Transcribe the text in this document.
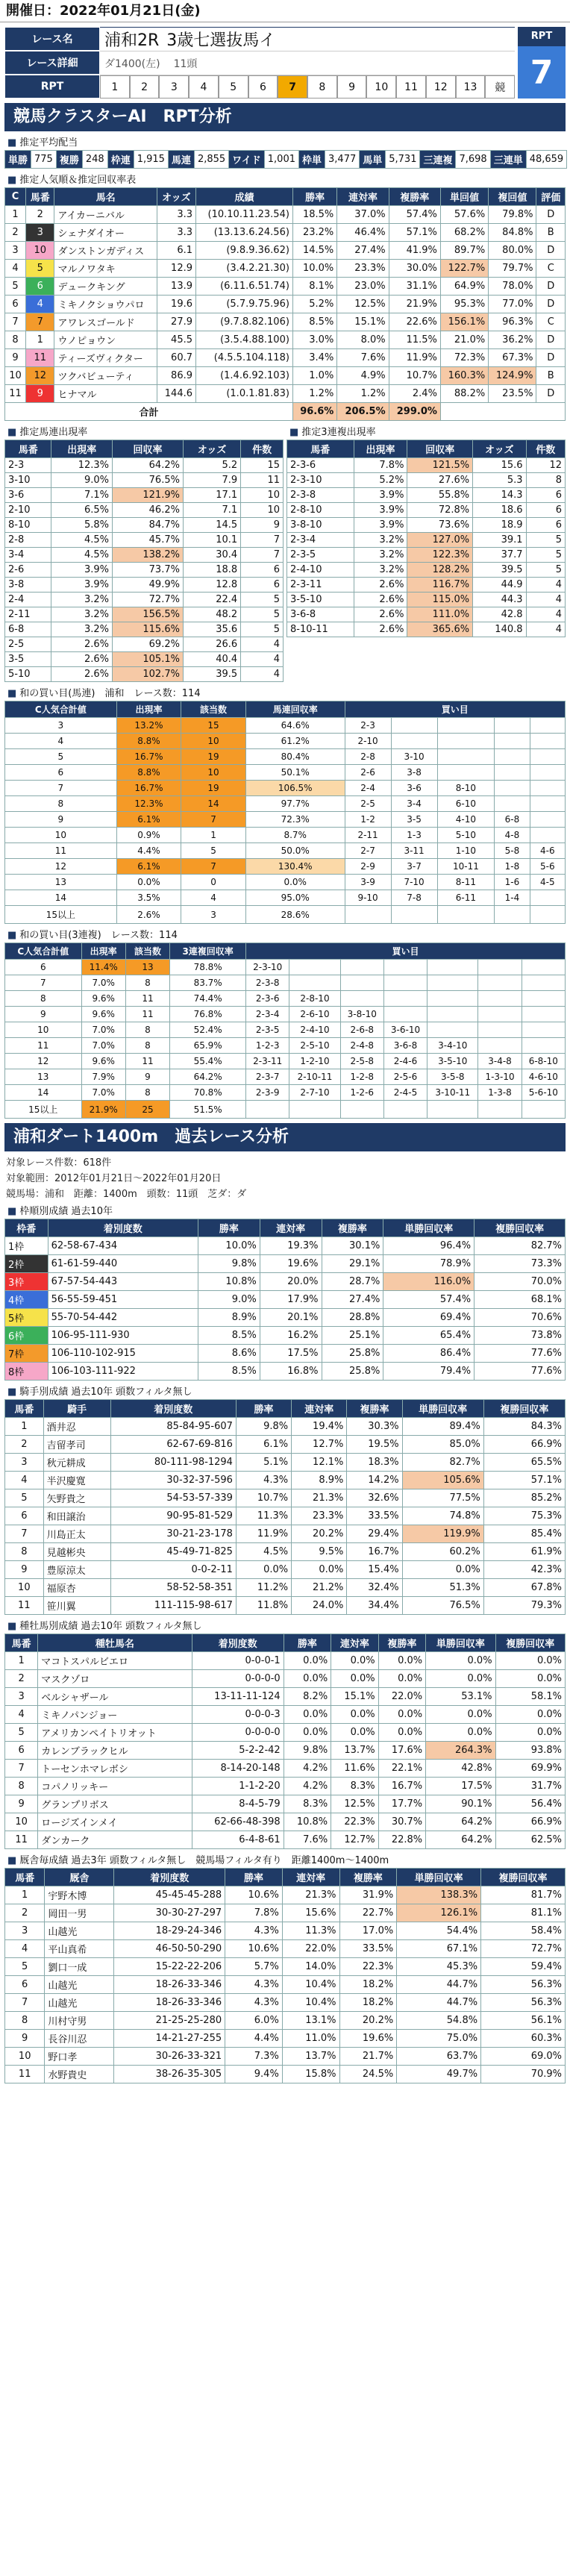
開催日：2022年01月21日(金)
レース名
レース詳細
RPT
浦和2R 3歳七選抜馬イ
ダ1400(左) 11頭
1	2	3	4	5	6	7	8	9	10	11	12	13	競
RPT
7
競馬クラスターAI　RPT分析
■ 推定平均配当
単勝	775	複勝	248	枠連	1,915	馬連	2,855	ワイド	1,001	枠単	3,477	馬単	5,731	三連複	7,698	三連単	48,659
■ 推定人気順＆推定回収率表
C	馬番	馬名	オッズ	成績	勝率	連対率	複勝率	単回値	複回値	評価
1	2	アイカーニバル	3.3	(10.10.11.23.54)	18.5%	37.0%	57.4%	57.6%	79.8%	D
2	3	シェナダイオー	3.3	(13.13.6.24.56)	23.2%	46.4%	57.1%	68.2%	84.8%	B
3	10	ダンストンガディス	6.1	(9.8.9.36.62)	14.5%	27.4%	41.9%	89.7%	80.0%	D
4	5	マルノワタキ	12.9	(3.4.2.21.30)	10.0%	23.3%	30.0%	122.7%	79.7%	C
5	6	デュークキング	13.9	(6.11.6.51.74)	8.1%	23.0%	31.1%	64.9%	78.0%	D
6	4	ミキノクショウパロ	19.6	(5.7.9.75.96)	5.2%	12.5%	21.9%	95.3%	77.0%	D
7	7	アワレスゴールド	27.9	(9.7.8.82.106)	8.5%	15.1%	22.6%	156.1%	96.3%	C
8	1	ウノピョウン	45.5	(3.5.4.88.100)	3.0%	8.0%	11.5%	21.0%	36.2%	D
9	11	ティーズヴィクター	60.7	(4.5.5.104.118)	3.4%	7.6%	11.9%	72.3%	67.3%	D
10	12	ツクバビューティ	86.9	(1.4.6.92.103)	1.0%	4.9%	10.7%	160.3%	124.9%	B
11	9	ヒナマル	144.6	(1.0.1.81.83)	1.2%	1.2%	2.4%	88.2%	23.5%	D
合計					96.6%	206.5%	299.0%			
■ 推定馬連出現率
馬番	出現率	回収率	オッズ	件数
2-3	12.3%	64.2%	5.2	15
3-10	9.0%	76.5%	7.9	11
3-6	7.1%	121.9%	17.1	10
2-10	6.5%	46.2%	7.1	10
8-10	5.8%	84.7%	14.5	9
2-8	4.5%	45.7%	10.1	7
3-4	4.5%	138.2%	30.4	7
2-6	3.9%	73.7%	18.8	6
3-8	3.9%	49.9%	12.8	6
2-4	3.2%	72.7%	22.4	5
2-11	3.2%	156.5%	48.2	5
6-8	3.2%	115.6%	35.6	5
2-5	2.6%	69.2%	26.6	4
3-5	2.6%	105.1%	40.4	4
5-10	2.6%	102.7%	39.5	4
■ 推定3連複出現率
馬番	出現率	回収率	オッズ	件数
2-3-6	7.8%	121.5%	15.6	12
2-3-10	5.2%	27.6%	5.3	8
2-3-8	3.9%	55.8%	14.3	6
2-8-10	3.9%	72.8%	18.6	6
3-8-10	3.9%	73.6%	18.9	6
2-3-4	3.2%	127.0%	39.1	5
2-3-5	3.2%	122.3%	37.7	5
2-4-10	3.2%	128.2%	39.5	5
2-3-11	2.6%	116.7%	44.9	4
3-5-10	2.6%	115.0%	44.3	4
3-6-8	2.6%	111.0%	42.8	4
8-10-11	2.6%	365.6%	140.8	4
■ 和の買い目(馬連)　浦和　レース数：114
C人気合計値	出現率	該当数	馬連回収率	買い目				
3	13.2%	15	64.6%	2-3				
4	8.8%	10	61.2%	2-10				
5	16.7%	19	80.4%	2-8	3-10			
6	8.8%	10	50.1%	2-6	3-8			
7	16.7%	19	106.5%	2-4	3-6	8-10		
8	12.3%	14	97.7%	2-5	3-4	6-10		
9	6.1%	7	72.3%	1-2	3-5	4-10	6-8	
10	0.9%	1	8.7%	2-11	1-3	5-10	4-8	
11	4.4%	5	50.0%	2-7	3-11	1-10	5-8	4-6
12	6.1%	7	130.4%	2-9	3-7	10-11	1-8	5-6
13	0.0%	0	0.0%	3-9	7-10	8-11	1-6	4-5
14	3.5%	4	95.0%	9-10	7-8	6-11	1-4	
15以上	2.6%	3	28.6%					
■ 和の買い目(3連複)　レース数：114
C人気合計値	出現率	該当数	3連複回収率	買い目						
6	11.4%	13	78.8%	2-3-10						
7	7.0%	8	83.7%	2-3-8						
8	9.6%	11	74.4%	2-3-6	2-8-10					
9	9.6%	11	76.8%	2-3-4	2-6-10	3-8-10				
10	7.0%	8	52.4%	2-3-5	2-4-10	2-6-8	3-6-10			
11	7.0%	8	65.9%	1-2-3	2-5-10	2-4-8	3-6-8	3-4-10		
12	9.6%	11	55.4%	2-3-11	1-2-10	2-5-8	2-4-6	3-5-10	3-4-8	6-8-10
13	7.9%	9	64.2%	2-3-7	2-10-11	1-2-8	2-5-6	3-5-8	1-3-10	4-6-10
14	7.0%	8	70.8%	2-3-9	2-7-10	1-2-6	2-4-5	3-10-11	1-3-8	5-6-10
15以上	21.9%	25	51.5%							
浦和ダート1400m　過去レース分析
対象レース件数：618件
対象範囲：2012年01月21日～2022年01月20日
競馬場：浦和　距離：1400m　頭数：11頭　芝ダ：ダ
■ 枠順別成績 過去10年
枠番	着別度数	勝率	連対率	複勝率	単勝回収率	複勝回収率
1枠	62-58-67-434	10.0%	19.3%	30.1%	96.4%	82.7%
2枠	61-61-59-440	9.8%	19.6%	29.1%	78.9%	73.3%
3枠	67-57-54-443	10.8%	20.0%	28.7%	116.0%	70.0%
4枠	56-55-59-451	9.0%	17.9%	27.4%	57.4%	68.1%
5枠	55-70-54-442	8.9%	20.1%	28.8%	69.4%	70.6%
6枠	106-95-111-930	8.5%	16.2%	25.1%	65.4%	73.8%
7枠	106-110-102-915	8.6%	17.5%	25.8%	86.4%	77.6%
8枠	106-103-111-922	8.5%	16.8%	25.8%	79.4%	77.6%
■ 騎手別成績 過去10年 頭数フィルタ無し
馬番	騎手	着別度数	勝率	連対率	複勝率	単勝回収率	複勝回収率
1	酒井忍	85-84-95-607	9.8%	19.4%	30.3%	89.4%	84.3%
2	吉留孝司	62-67-69-816	6.1%	12.7%	19.5%	85.0%	66.9%
3	秋元耕成	80-111-98-1294	5.1%	12.1%	18.3%	82.7%	65.5%
4	半沢慶寛	30-32-37-596	4.3%	8.9%	14.2%	105.6%	57.1%
5	矢野貴之	54-53-57-339	10.7%	21.3%	32.6%	77.5%	85.2%
6	和田譲治	90-95-81-529	11.3%	23.3%	33.5%	74.8%	75.3%
7	川島正太	30-21-23-178	11.9%	20.2%	29.4%	119.9%	85.4%
8	見越彬央	45-49-71-825	4.5%	9.5%	16.7%	60.2%	61.9%
9	豊原涼太	0-0-2-11	0.0%	0.0%	15.4%	0.0%	42.3%
10	福原杏	58-52-58-351	11.2%	21.2%	32.4%	51.3%	67.8%
11	笹川翼	111-115-98-617	11.8%	24.0%	34.4%	76.5%	79.3%
■ 種牡馬別成績 過去10年 頭数フィルタ無し
馬番	種牡馬名	着別度数	勝率	連対率	複勝率	単勝回収率	複勝回収率
1	マコトスパルビエロ	0-0-0-1	0.0%	0.0%	0.0%	0.0%	0.0%
2	マスクゾロ	0-0-0-0	0.0%	0.0%	0.0%	0.0%	0.0%
3	ベルシャザール	13-11-11-124	8.2%	15.1%	22.0%	53.1%	58.1%
4	ミキノパンジョー	0-0-0-3	0.0%	0.0%	0.0%	0.0%	0.0%
5	アメリカンペイトリオット	0-0-0-0	0.0%	0.0%	0.0%	0.0%	0.0%
6	カレンブラックヒル	5-2-2-42	9.8%	13.7%	17.6%	264.3%	93.8%
7	トーセンホマレボシ	8-14-20-148	4.2%	11.6%	22.1%	42.8%	69.9%
8	コパノリッキー	1-1-2-20	4.2%	8.3%	16.7%	17.5%	31.7%
9	グランプリボス	8-4-5-79	8.3%	12.5%	17.7%	90.1%	56.4%
10	ロージズインメイ	62-66-48-398	10.8%	22.3%	30.7%	64.2%	66.9%
11	ダンカーク	6-4-8-61	7.6%	12.7%	22.8%	64.2%	62.5%
■ 厩舎毎成績 過去3年 頭数フィルタ無し　競馬場フィルタ有り　距離1400m～1400m
馬番	厩舎	着別度数	勝率	連対率	複勝率	単勝回収率	複勝回収率
1	宇野木博	45-45-45-288	10.6%	21.3%	31.9%	138.3%	81.7%
2	岡田一男	30-30-27-297	7.8%	15.6%	22.7%	126.1%	81.1%
3	山越光	18-29-24-346	4.3%	11.3%	17.0%	54.4%	58.4%
4	平山真希	46-50-50-290	10.6%	22.0%	33.5%	67.1%	72.7%
5	劉口一成	15-22-22-206	5.7%	14.0%	22.3%	45.3%	59.4%
6	山越光	18-26-33-346	4.3%	10.4%	18.2%	44.7%	56.3%
7	山越光	18-26-33-346	4.3%	10.4%	18.2%	44.7%	56.3%
8	川村守男	21-25-25-280	6.0%	13.1%	20.2%	54.8%	56.1%
9	長谷川忍	14-21-27-255	4.4%	11.0%	19.6%	75.0%	60.3%
10	野口孝	30-26-33-321	7.3%	13.7%	21.7%	63.7%	69.0%
11	水野貴史	38-26-35-305	9.4%	15.8%	24.5%	49.7%	70.9%
